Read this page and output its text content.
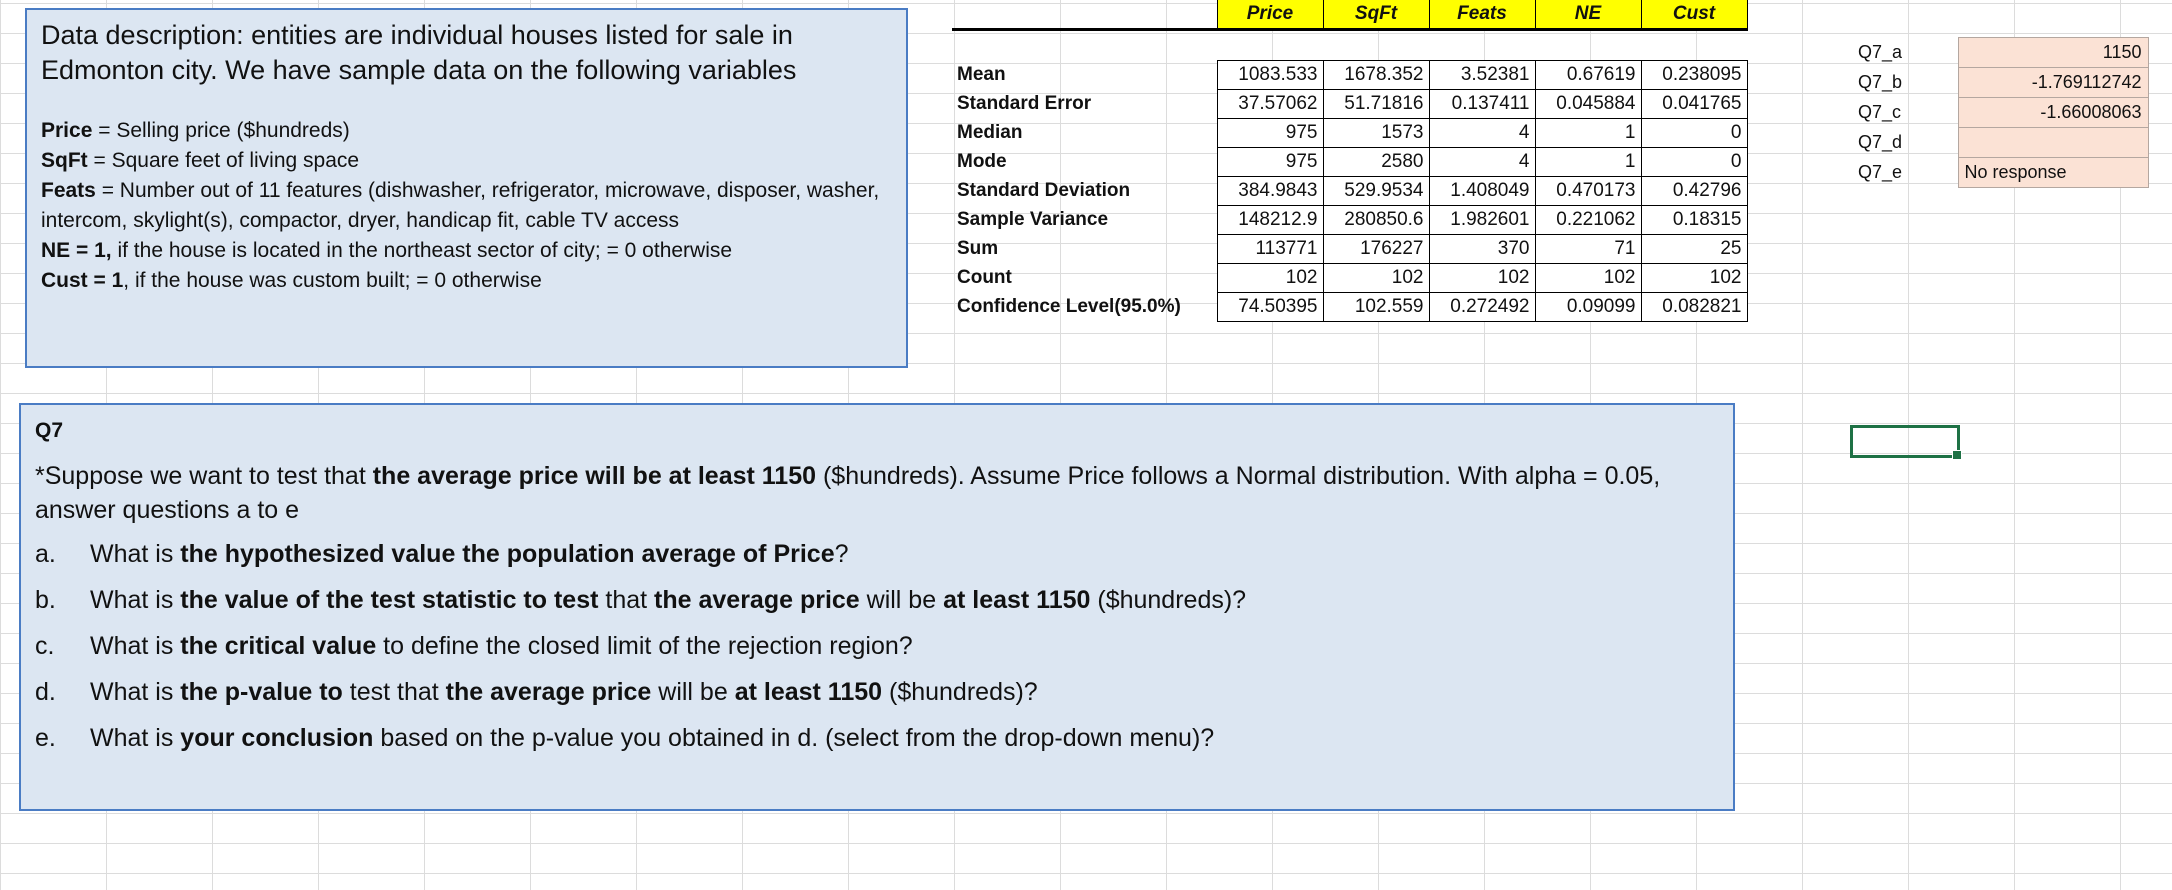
Data description: entities are individual houses listed for sale in Edmonton city. We have sample data on the following variables

Price = Selling price ($hundreds)

SqFt = Square feet of living space

Feats = Number out of 11 features (dishwasher, refrigerator, microwave, disposer, washer, intercom, skylight(s), compactor, dryer, handicap fit, cable TV access

NE = 1, if the house is located in the northeast sector of city; = 0 otherwise

Cust = 1, if the house was custom built; = 0 otherwise

	Price	SqFt	Feats	NE	Cust

Mean	1083.533	1678.352	3.52381	0.67619	0.238095
Standard Error	37.57062	51.71816	0.137411	0.045884	0.041765
Median	975	1573	4	1	0
Mode	975	2580	4	1	0
Standard Deviation	384.9843	529.9534	1.408049	0.470173	0.42796
Sample Variance	148212.9	280850.6	1.982601	0.221062	0.18315
Sum	113771	176227	370	71	25
Count	102	102	102	102	102
Confidence Level(95.0%)	74.50395	102.559	0.272492	0.09099	0.082821
Q7_a	1150
Q7_b	-1.769112742
Q7_c	-1.66008063
Q7_d	
Q7_e	No response
Q7

*Suppose we want to test that the average price will be at least 1150 ($hundreds). Assume Price follows a Normal distribution. With alpha = 0.05, answer questions a to e

a.	What is the hypothesized value the population average of Price?
b.	What is the value of the test statistic to test that the average price will be at least 1150 ($hundreds)?
c.	What is the critical value to define the closed limit of the rejection region?
d.	What is the p-value to test that the average price will be at least 1150 ($hundreds)?
e.	What is your conclusion based on the p-value you obtained in d. (select from the drop-down menu)?
